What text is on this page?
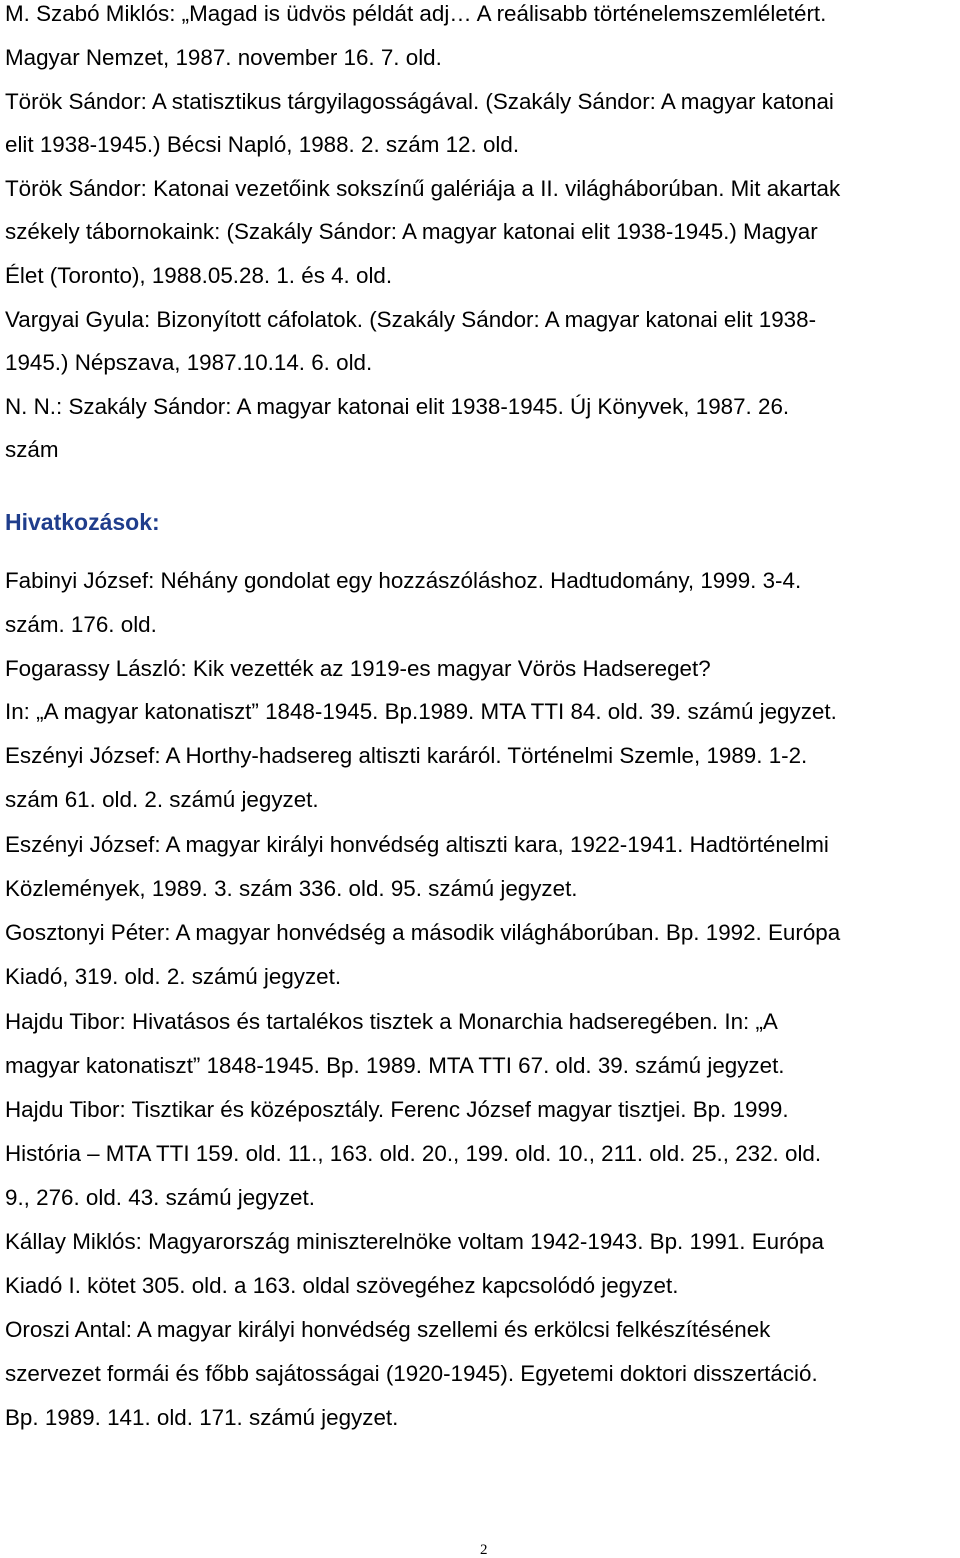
M. Szabó Miklós: „Magad is üdvös példát adj… A reálisabb történelemszemléletért.
Magyar Nemzet, 1987. november 16. 7. old.
Török Sándor: A statisztikus tárgyilagosságával. (Szakály Sándor: A magyar katonai
elit 1938-1945.) Bécsi Napló, 1988. 2. szám 12. old.
Török Sándor: Katonai vezetőink sokszínű galériája a II. világháborúban. Mit akartak
székely tábornokaink: (Szakály Sándor: A magyar katonai elit 1938-1945.) Magyar
Élet (Toronto), 1988.05.28. 1. és 4. old.
Vargyai Gyula: Bizonyított cáfolatok. (Szakály Sándor: A magyar katonai elit 1938-
1945.) Népszava, 1987.10.14. 6. old.
N. N.: Szakály Sándor: A magyar katonai elit 1938-1945. Új Könyvek, 1987. 26.
szám
Hivatkozások:
Fabinyi József: Néhány gondolat egy hozzászóláshoz. Hadtudomány, 1999. 3-4.
szám. 176. old.
Fogarassy László: Kik vezették az 1919-es magyar Vörös Hadsereget?
In: „A magyar katonatiszt” 1848-1945. Bp.1989. MTA TTI 84. old. 39. számú jegyzet.
Eszényi József: A Horthy-hadsereg altiszti karáról. Történelmi Szemle, 1989. 1-2.
szám 61. old. 2. számú jegyzet.
Eszényi József: A magyar királyi honvédség altiszti kara, 1922-1941. Hadtörténelmi
Közlemények, 1989. 3. szám 336. old. 95. számú jegyzet.
Gosztonyi Péter: A magyar honvédség a második világháborúban. Bp. 1992. Európa
Kiadó, 319. old. 2. számú jegyzet.
Hajdu Tibor: Hivatásos és tartalékos tisztek a Monarchia hadseregében. In: „A
magyar katonatiszt” 1848-1945. Bp. 1989. MTA TTI 67. old. 39. számú jegyzet.
Hajdu Tibor: Tisztikar és középosztály. Ferenc József magyar tisztjei. Bp. 1999.
História – MTA TTI 159. old. 11., 163. old. 20., 199. old. 10., 211. old. 25., 232. old.
9., 276. old. 43. számú jegyzet.
Kállay Miklós: Magyarország miniszterelnöke voltam 1942-1943. Bp. 1991. Európa
Kiadó I. kötet 305. old. a 163. oldal szövegéhez kapcsolódó jegyzet.
Oroszi Antal: A magyar királyi honvédség szellemi és erkölcsi felkészítésének
szervezet formái és főbb sajátosságai (1920-1945). Egyetemi doktori disszertáció.
Bp. 1989. 141. old. 171. számú jegyzet.
2
